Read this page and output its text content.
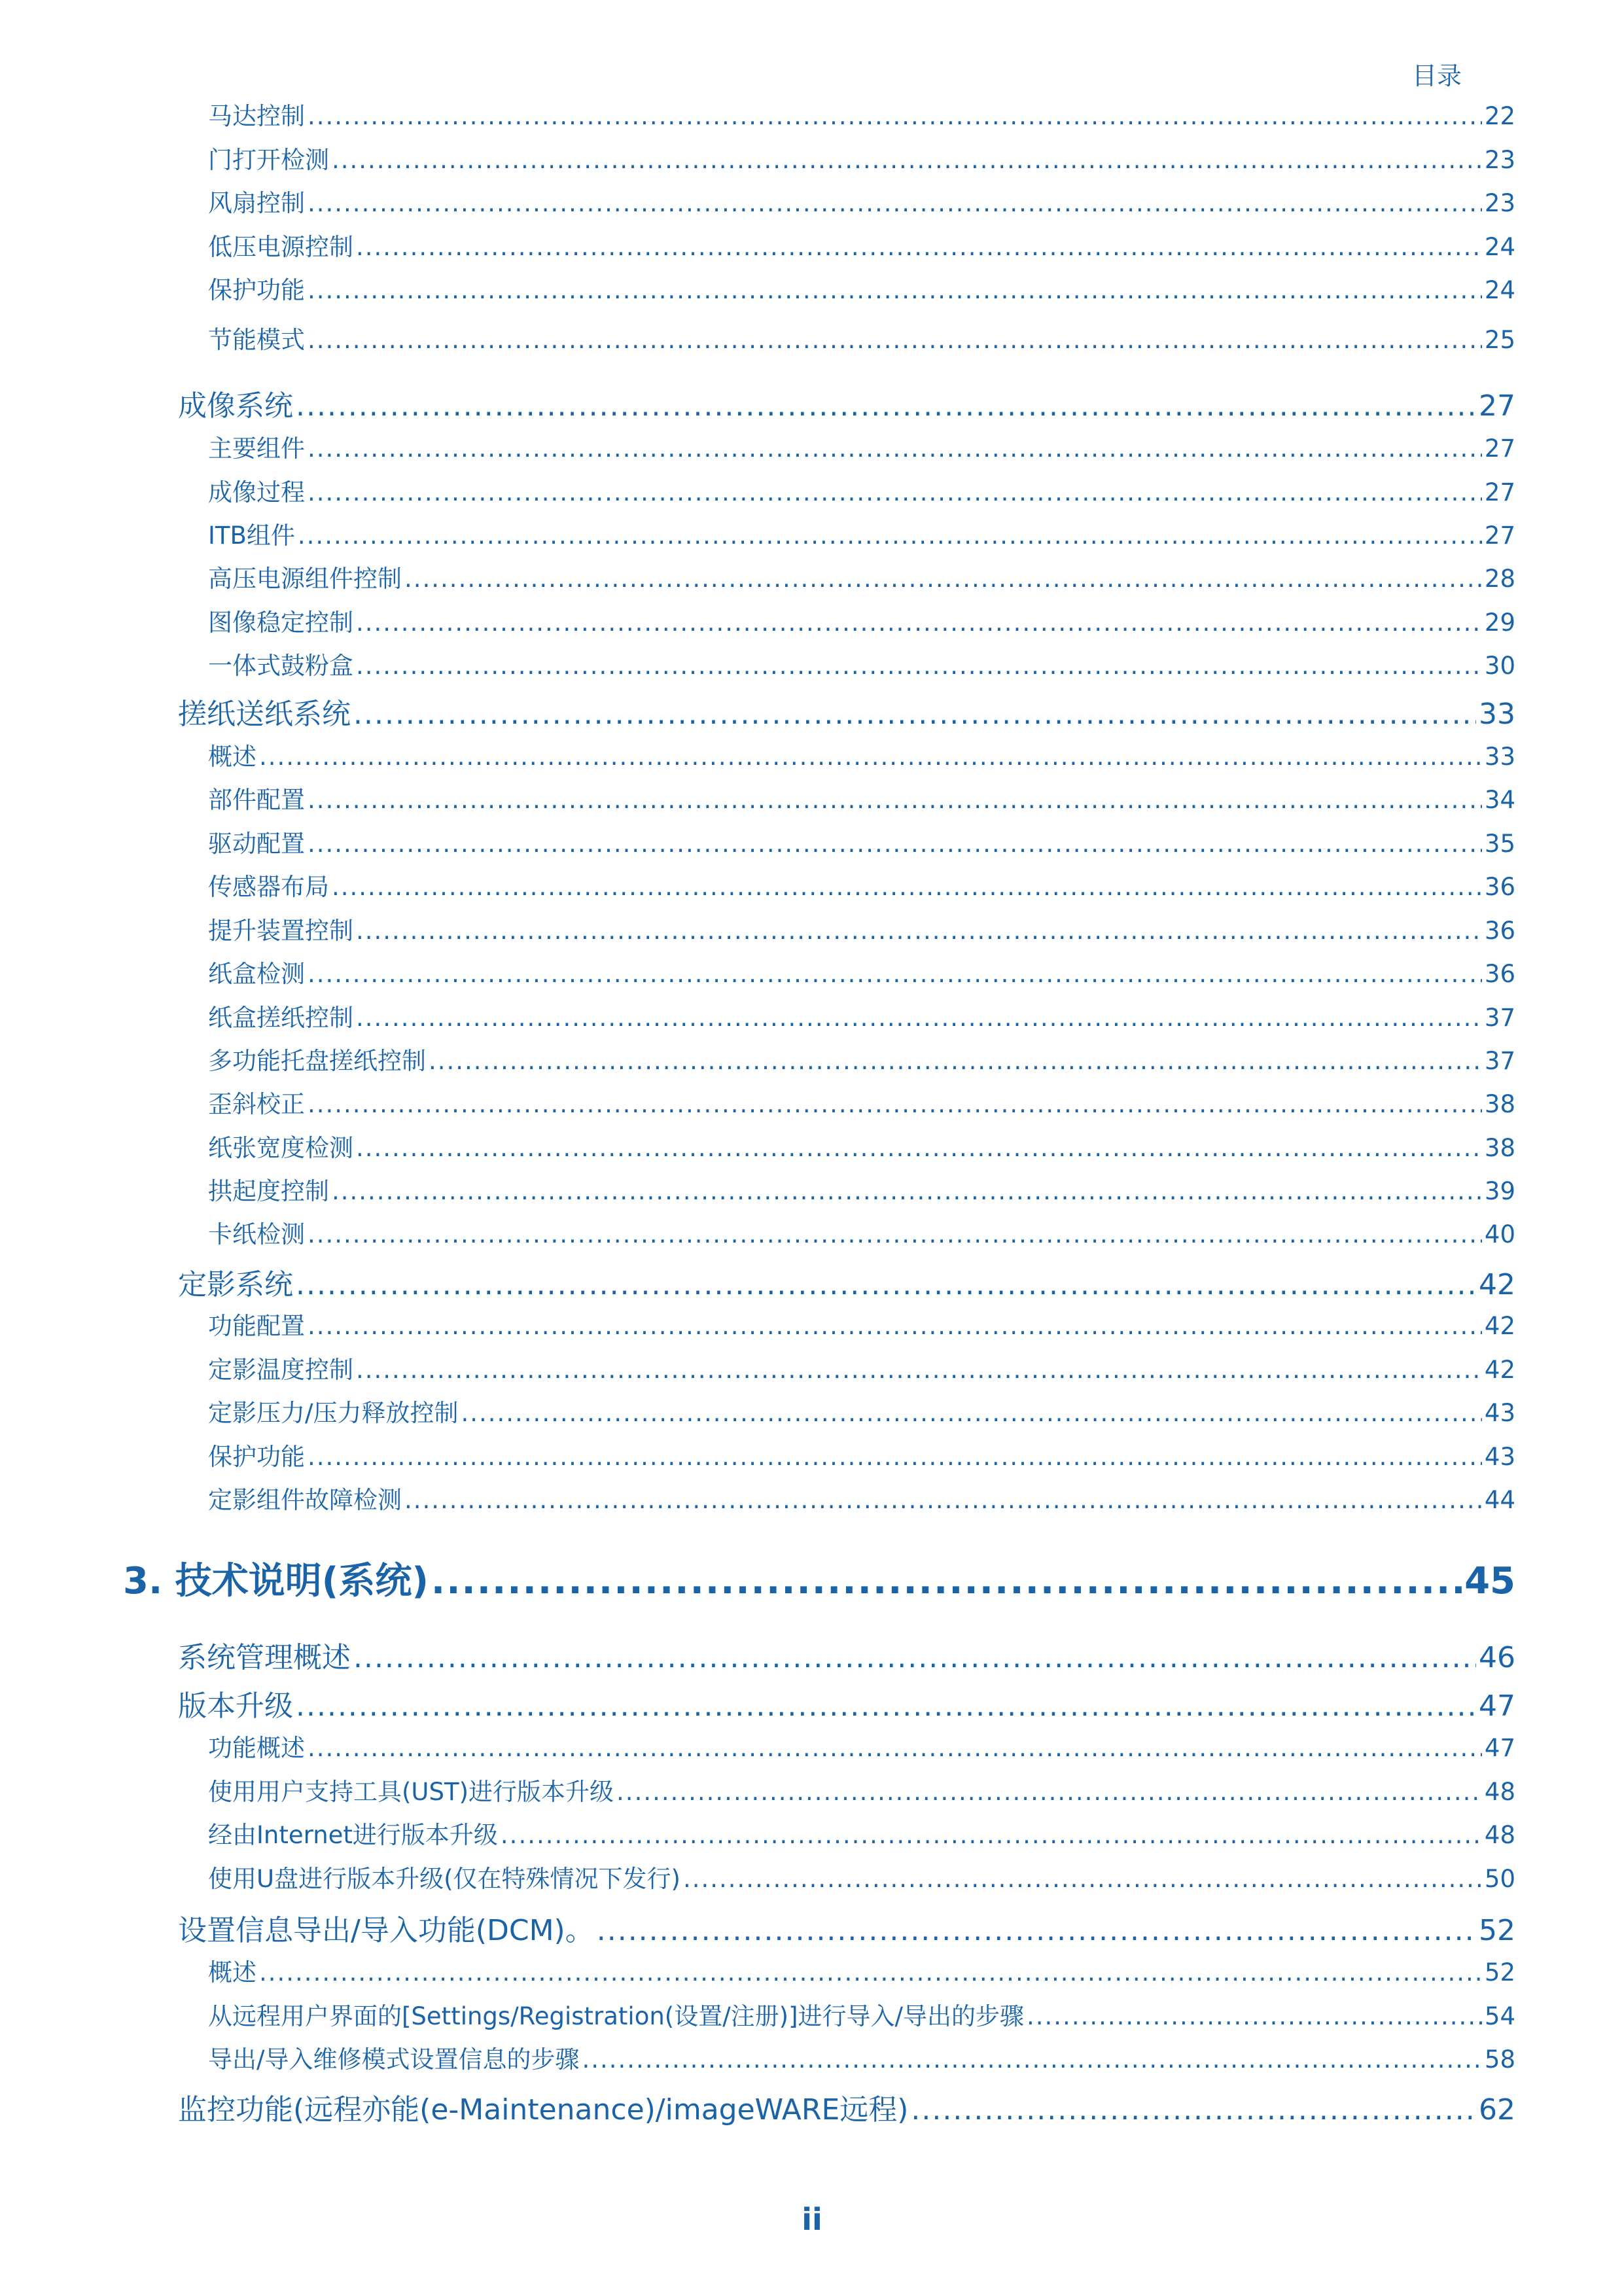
目录
马达控制 .....	22
门打开检测 .....	23
风扇控制 .....	23
低压电源控制 .....	24
保护功能 .....	24
节能模式 .....	25
成像系统 .....	27
主要组件 .....	27
成像过程 .....	27
ITB组件 .....	27
高压电源组件控制 .....	28
图像稳定控制 .....	29
一体式鼓粉盒 .....	30
搓纸送纸系统 .....	33
概述 .....	33
部件配置 .....	34
驱动配置 .....	35
传感器布局 .....	36
提升装置控制 .....	36
纸盒检测 .....	36
纸盒搓纸控制 .....	37
多功能托盘搓纸控制 .....	37
歪斜校正 .....	38
纸张宽度检测 .....	38
拱起度控制 .....	39
卡纸检测 .....	40
定影系统 .....	42
功能配置 .....	42
定影温度控制 .....	42
定影压力/压力释放控制 .....	43
保护功能 .....	43
定影组件故障检测 .....	44
3. 技术说明(系统) .....	45
系统管理概述 .....	46
版本升级 .....	47
功能概述 .....	47
使用用户支持工具(UST)进行版本升级 .....	48
经由Internet进行版本升级 .....	48
使用U盘进行版本升级(仅在特殊情况下发行) .....	50
设置信息导出/导入功能(DCM)。 .....	52
概述 .....	52
从远程用户界面的[Settings/Registration(设置/注册)]进行导入/导出的步骤 .....	54
导出/导入维修模式设置信息的步骤 .....	58
监控功能(远程亦能(e-Maintenance)/imageWARE远程) .....	62
ii
